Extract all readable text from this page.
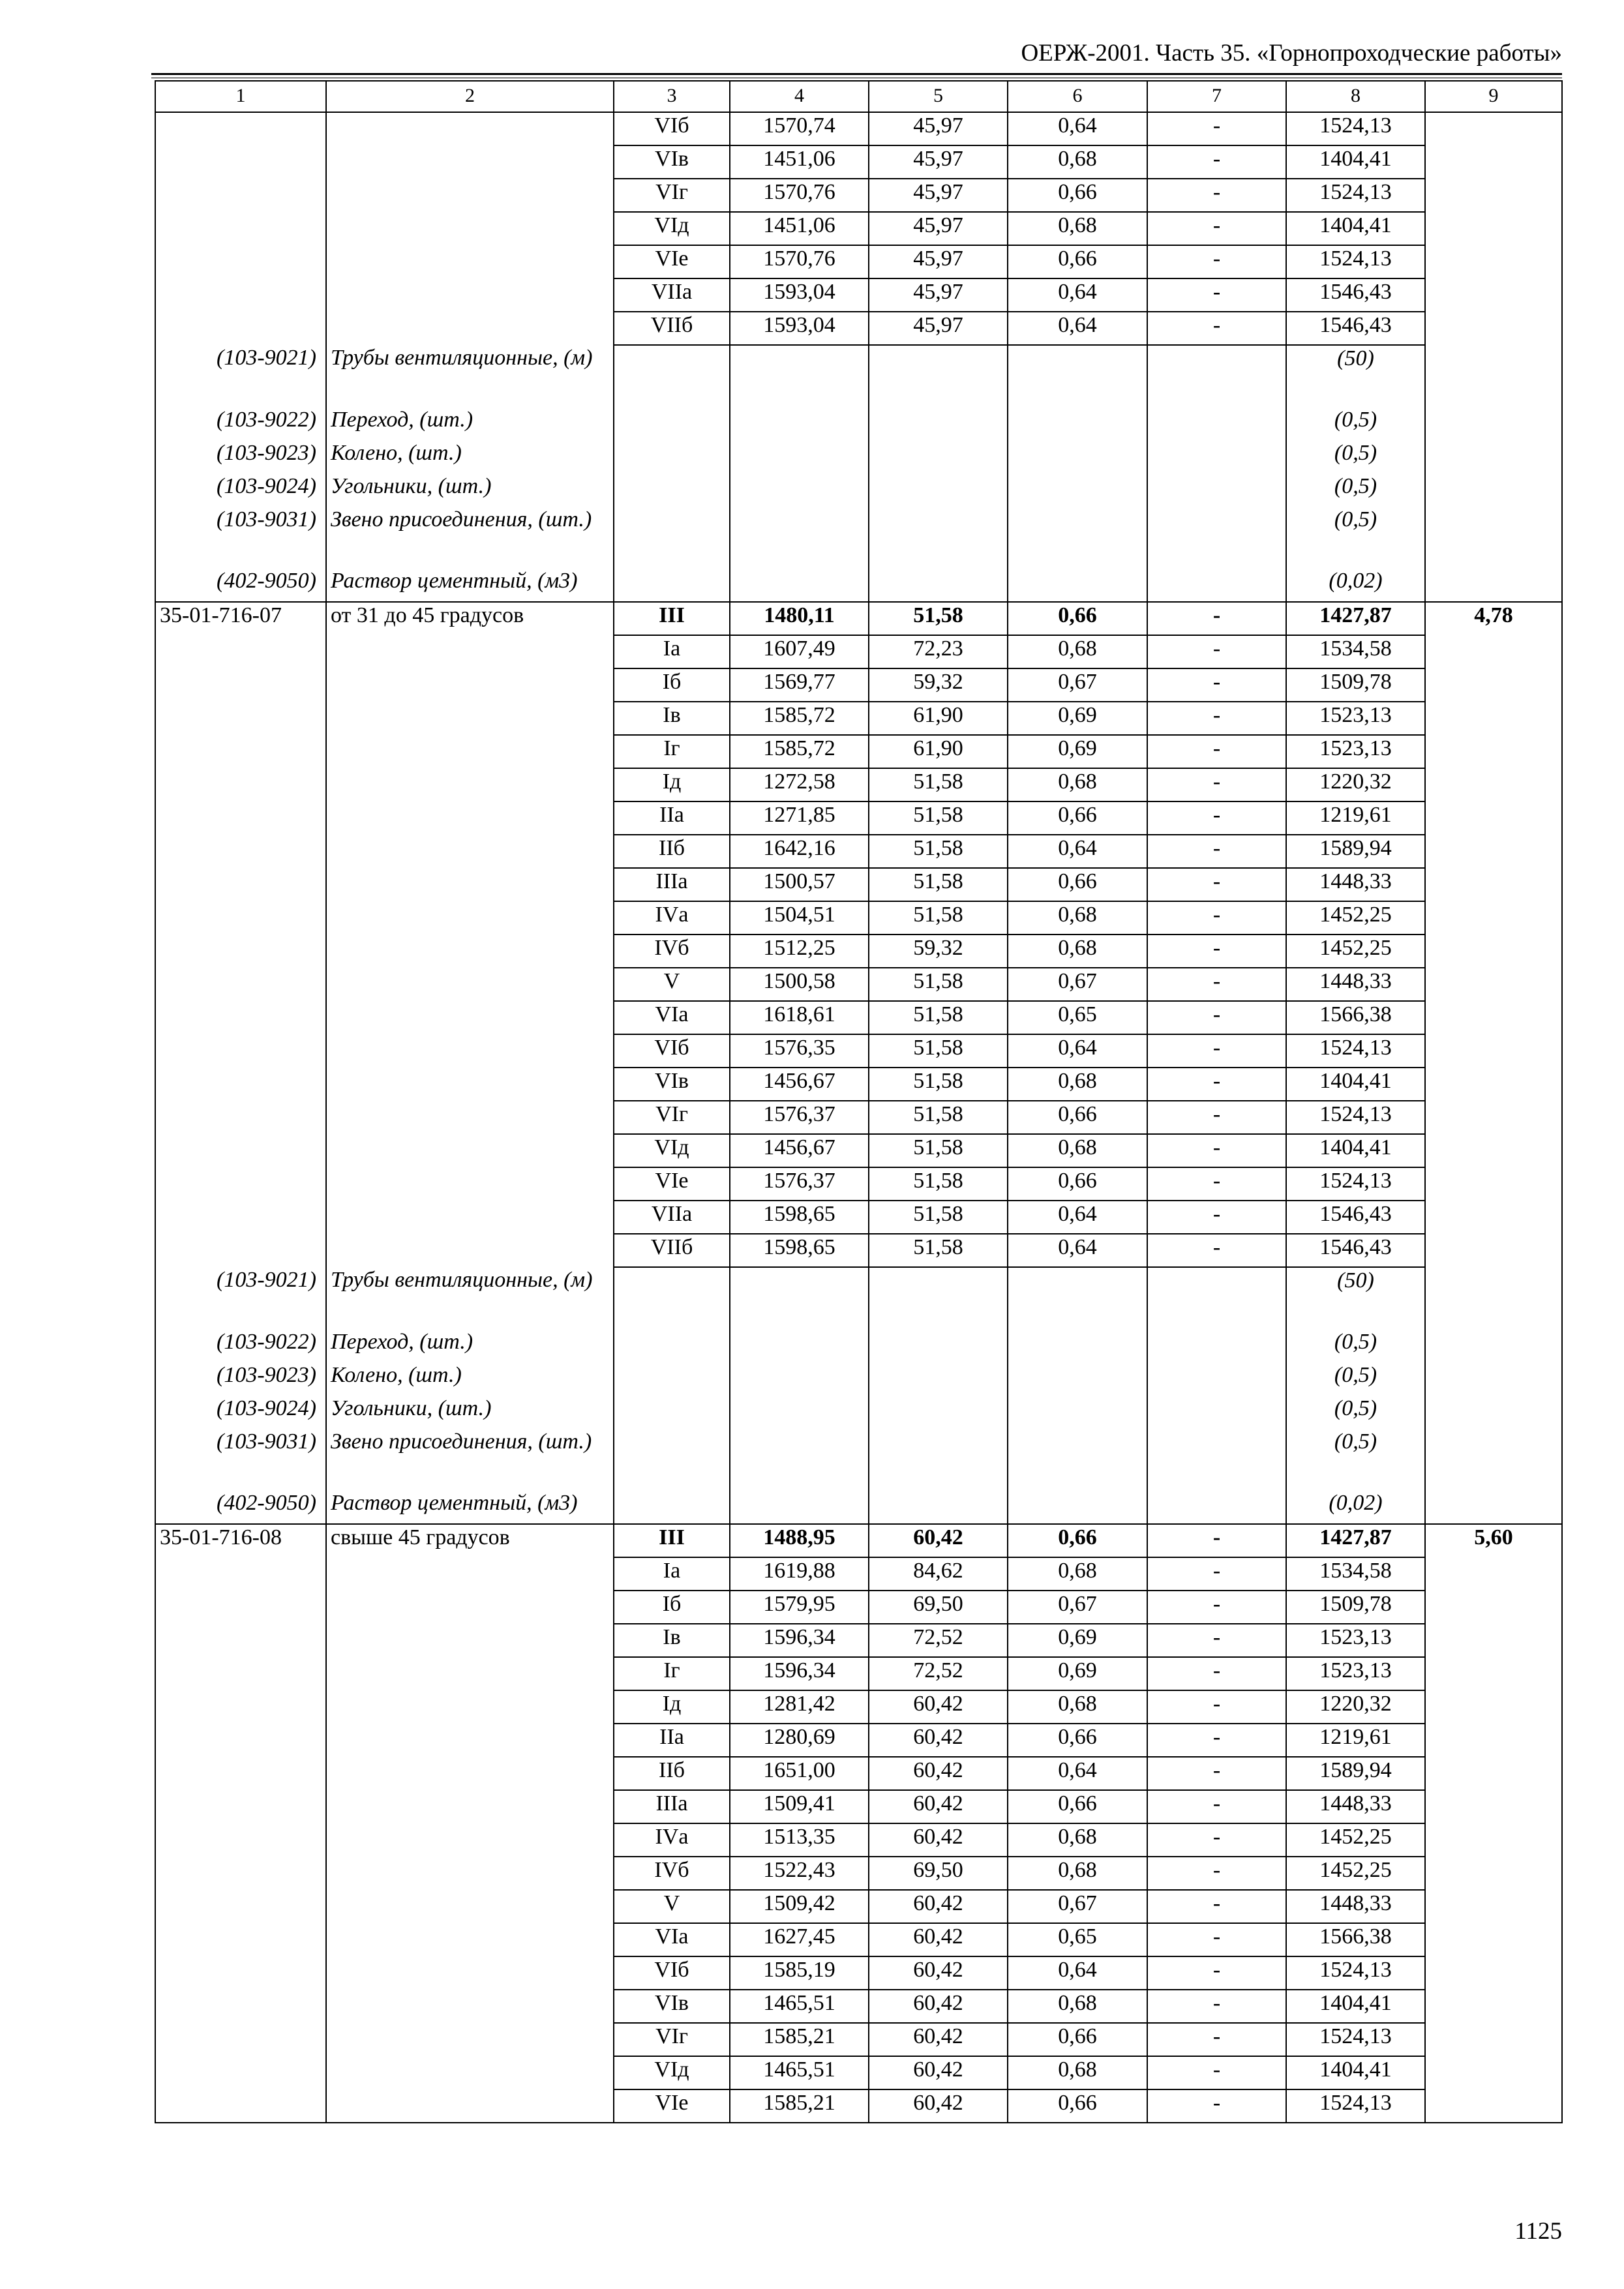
ОЕРЖ-2001. Часть 35. «Горнопроходческие работы»
1	2	3	4	5	6	7	8	9
		VIб	1570,74	45,97	0,64	-	1524,13	
		VIв	1451,06	45,97	0,68	-	1404,41	
		VIг	1570,76	45,97	0,66	-	1524,13	
		VIд	1451,06	45,97	0,68	-	1404,41	
		VIе	1570,76	45,97	0,66	-	1524,13	
		VIIа	1593,04	45,97	0,64	-	1546,43	
		VIIб	1593,04	45,97	0,64	-	1546,43	
(103-9021)	Трубы вентиляционные, (м)						(50)	
(103-9022)	Переход, (шт.)						(0,5)	
(103-9023)	Колено, (шт.)						(0,5)	
(103-9024)	Угольники, (шт.)						(0,5)	
(103-9031)	Звено присоединения, (шт.)						(0,5)	
(402-9050)	Раствор цементный, (м3)						(0,02)	
35-01-716-07	от 31 до 45 градусов	III	1480,11	51,58	0,66	-	1427,87	4,78
		Iа	1607,49	72,23	0,68	-	1534,58	
		Iб	1569,77	59,32	0,67	-	1509,78	
		Iв	1585,72	61,90	0,69	-	1523,13	
		Iг	1585,72	61,90	0,69	-	1523,13	
		Iд	1272,58	51,58	0,68	-	1220,32	
		IIа	1271,85	51,58	0,66	-	1219,61	
		IIб	1642,16	51,58	0,64	-	1589,94	
		IIIа	1500,57	51,58	0,66	-	1448,33	
		IVа	1504,51	51,58	0,68	-	1452,25	
		IVб	1512,25	59,32	0,68	-	1452,25	
		V	1500,58	51,58	0,67	-	1448,33	
		VIа	1618,61	51,58	0,65	-	1566,38	
		VIб	1576,35	51,58	0,64	-	1524,13	
		VIв	1456,67	51,58	0,68	-	1404,41	
		VIг	1576,37	51,58	0,66	-	1524,13	
		VIд	1456,67	51,58	0,68	-	1404,41	
		VIе	1576,37	51,58	0,66	-	1524,13	
		VIIа	1598,65	51,58	0,64	-	1546,43	
		VIIб	1598,65	51,58	0,64	-	1546,43	
(103-9021)	Трубы вентиляционные, (м)						(50)	
(103-9022)	Переход, (шт.)						(0,5)	
(103-9023)	Колено, (шт.)						(0,5)	
(103-9024)	Угольники, (шт.)						(0,5)	
(103-9031)	Звено присоединения, (шт.)						(0,5)	
(402-9050)	Раствор цементный, (м3)						(0,02)	
35-01-716-08	свыше 45 градусов	III	1488,95	60,42	0,66	-	1427,87	5,60
		Iа	1619,88	84,62	0,68	-	1534,58	
		Iб	1579,95	69,50	0,67	-	1509,78	
		Iв	1596,34	72,52	0,69	-	1523,13	
		Iг	1596,34	72,52	0,69	-	1523,13	
		Iд	1281,42	60,42	0,68	-	1220,32	
		IIа	1280,69	60,42	0,66	-	1219,61	
		IIб	1651,00	60,42	0,64	-	1589,94	
		IIIа	1509,41	60,42	0,66	-	1448,33	
		IVа	1513,35	60,42	0,68	-	1452,25	
		IVб	1522,43	69,50	0,68	-	1452,25	
		V	1509,42	60,42	0,67	-	1448,33	
		VIа	1627,45	60,42	0,65	-	1566,38	
		VIб	1585,19	60,42	0,64	-	1524,13	
		VIв	1465,51	60,42	0,68	-	1404,41	
		VIг	1585,21	60,42	0,66	-	1524,13	
		VIд	1465,51	60,42	0,68	-	1404,41	
		VIе	1585,21	60,42	0,66	-	1524,13	
1125
